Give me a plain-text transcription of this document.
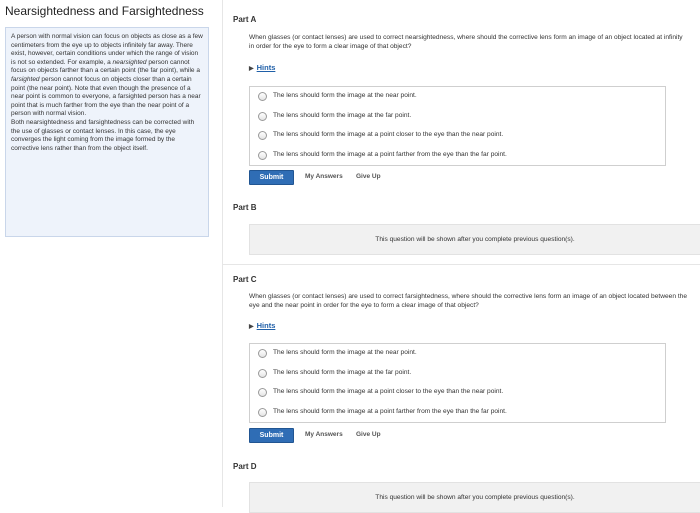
Nearsightedness and Farsightedness
A person with normal vision can focus on objects as close as a few centimeters from the eye up to objects infinitely far away. There exist, however, certain conditions under which the range of vision is not so extended. For example, a nearsighted person cannot focus on objects farther than a certain point (the far point), while a farsighted person cannot focus on objects closer than a certain point (the near point). Note that even though the presence of a near point is common to everyone, a farsighted person has a near point that is much farther from the eye than the near point of a person with normal vision.
Both nearsightedness and farsightedness can be corrected with the use of glasses or contact lenses. In this case, the eye converges the light coming from the image formed by the corrective lens rather than from the object itself.
Part A
When glasses (or contact lenses) are used to correct nearsightedness, where should the corrective lens form an image of an object located at infinity in order for the eye to form a clear image of that object?
▶ Hints
The lens should form the image at the near point.
The lens should form the image at the far point.
The lens should form the image at a point closer to the eye than the near point.
The lens should form the image at a point farther from the eye than the far point.
Submit	My Answers Give Up
Part B
This question will be shown after you complete previous question(s).
Part C
When glasses (or contact lenses) are used to correct farsightedness, where should the corrective lens form an image of an object located between the eye and the near point in order for the eye to form a clear image of that object?
▶ Hints
The lens should form the image at the near point.
The lens should form the image at the far point.
The lens should form the image at a point closer to the eye than the near point.
The lens should form the image at a point farther from the eye than the far point.
Submit	My Answers Give Up
Part D
This question will be shown after you complete previous question(s).
